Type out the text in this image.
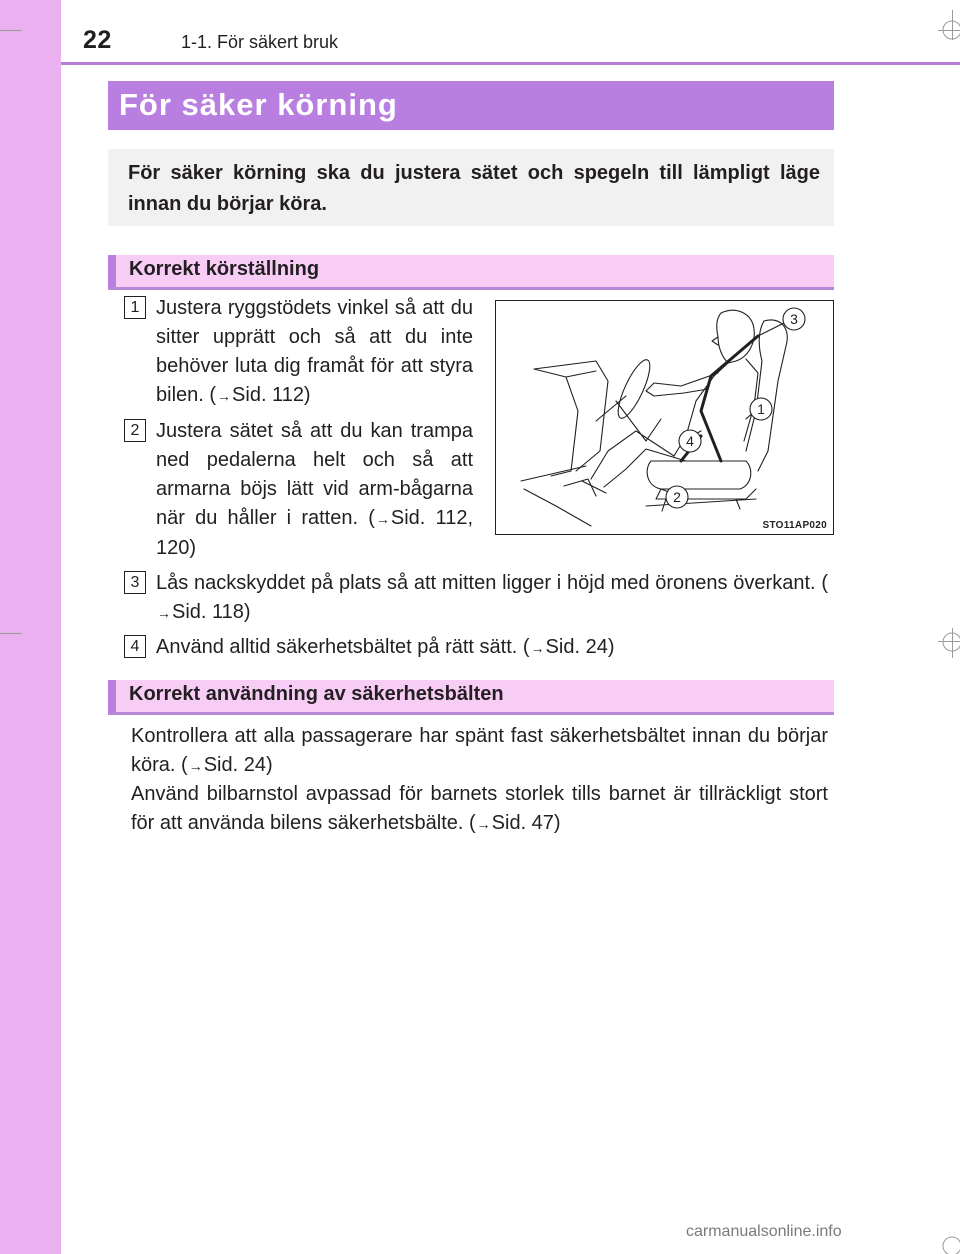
22	1-1. För säkert bruk
För säker körning

För säker körning ska du justera sätet och spegeln till lämpligt läge innan du börjar köra.

Korrekt körställning
1 Justera ryggstödets vinkel så att du sitter upprätt och så att du inte behöver luta dig framåt för att styra bilen. (→Sid. 112)

2 Justera sätet så att du kan trampa ned pedalerna helt och så att armarna böjs lätt vid arm-bågarna när du håller i ratten. (→Sid. 112, 120)

3
1
4
2
STO11AP020
3 Lås nackskyddet på plats så att mitten ligger i höjd med öronens överkant. (→Sid. 118)

4 Använd alltid säkerhetsbältet på rätt sätt. (→Sid. 24)

Korrekt användning av säkerhetsbälten

Kontrollera att alla passagerare har spänt fast säkerhetsbältet innan du börjar köra. (→Sid. 24)

Använd bilbarnstol avpassad för barnets storlek tills barnet är tillräckligt stort för att använda bilens säkerhetsbälte. (→Sid. 47)

carmanualsonline.info
